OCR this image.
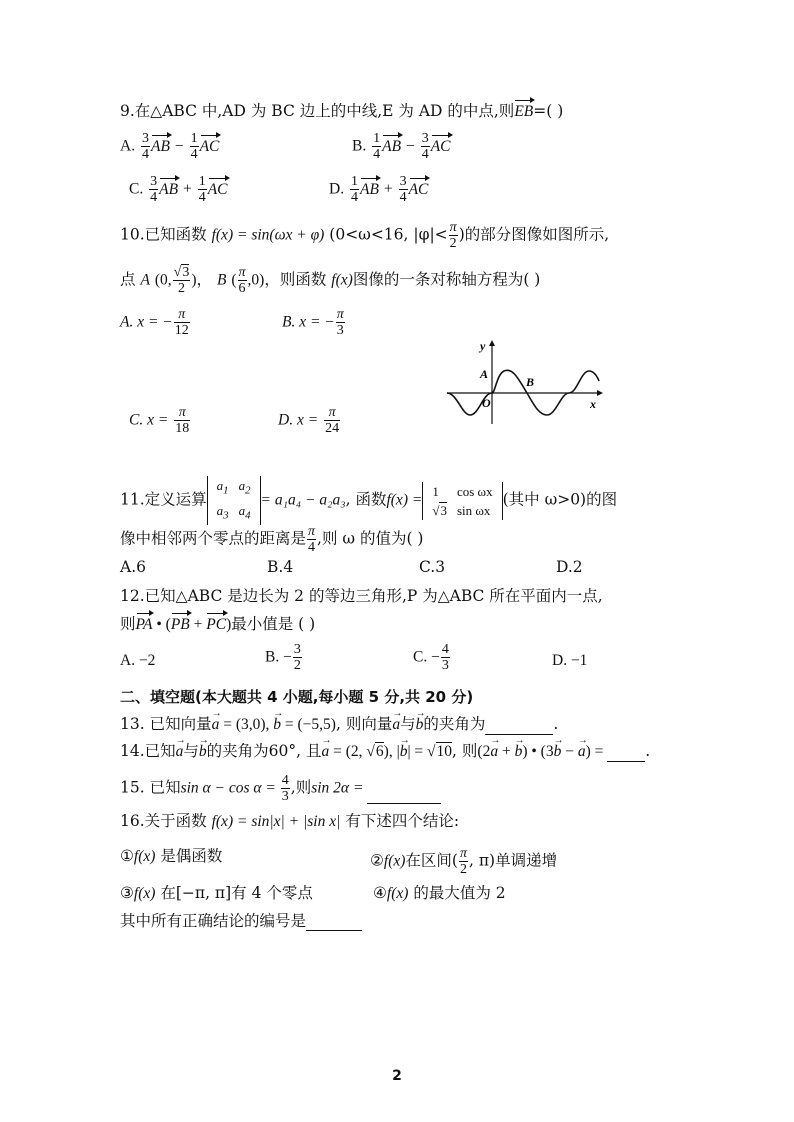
9.在△ABC 中,AD 为 BC 边上的中线,E 为 AD 的中点,则EB=( )
A. $\frac{3}{4}$ AB − $\frac{1}{4}$ AC	B. $\frac{1}{4}$ AB − $\frac{3}{4}$ AC
C. $\frac{3}{4}$ AB + $\frac{1}{4}$ AC	D. $\frac{1}{4}$ AB + $\frac{3}{4}$ AC
10.已知函数 f(x) = sin(ωx + φ) (0<ω<16, $|\varphi|< \frac{\pi}{2}$ )的部分图像如图所示,
点 A (0, $\frac{√3}{2}$ )， B ( $\frac{\pi}{6} ,0$)，则函数 f(x)图像的一条对称轴方程为( )
A. x = − $\frac{\pi}{12}$	B. x = − $\frac{\pi}{3}$
C. $x = \frac{\pi}{18}$	D. $x = \frac{\pi}{24}$
y
x
A
B
O
11.定义运算
$a_1$	$a_2$
$a_3$	$a_4$
= a₁a₄ − a₂a₃, 函数f(x) =
1	cos ωx
√3	sin ωx
(其中 ω>0)的图
像中相邻两个零点的距离是 $\frac{\pi}{4}$ ,则 ω 的值为( )
A.6	B.4	C.3	D.2
12.已知△ABC 是边长为 2 的等边三角形,P 为△ABC 所在平面内一点,
则PA • (PB + PC)最小值是 ( )
A. −2	B. − $\frac{3}{2}$	C. − $\frac{4}{3}$	D. −1
二、填空题(本大题共 4 小题,每小题 5 分,共 20 分)
13. 已知向量a → = (3,0), b → = (−5,5), 则向量a →与b →的夹角为	.
14.已知a →与b →的夹角为60°, 且a → = (2, √6), |b →| = √10, 则(2a → + b →) • (3b → − a →) = .
15. 已知$\sin \alpha - \cos \alpha = \frac{4}{3}$ ,则sin 2α =
16.关于函数 f(x) = sin|x| + |sin x| 有下述四个结论:
①f(x) 是偶函数	②f(x)在区间( $\frac{\pi}{2}$ , π)单调递增
③f(x) 在[−π, π]有 4 个零点	④f(x) 的最大值为 2
其中所有正确结论的编号是
2
